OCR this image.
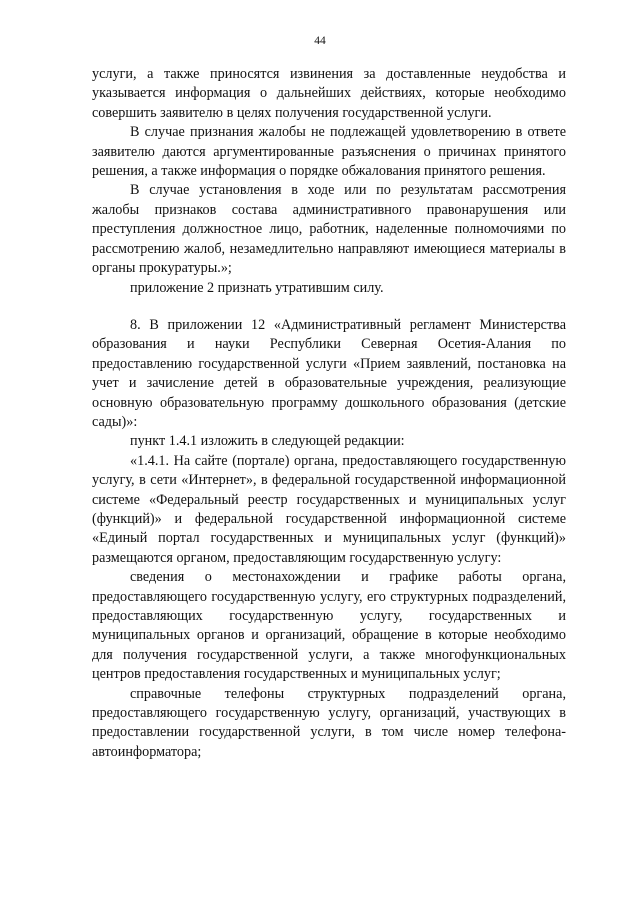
44

услуги, а также приносятся извинения за доставленные неудобства и указывается информация о дальнейших действиях, которые необходимо совершить заявителю в целях получения государственной услуги.

В случае признания жалобы не подлежащей удовлетворению в ответе заявителю даются аргументированные разъяснения о причинах принятого решения, а также информация о порядке обжалования принятого решения.

В случае установления в ходе или по результатам рассмотрения жалобы признаков состава административного правонарушения или преступления должностное лицо, работник, наделенные полномочиями по рассмотрению жалоб, незамедлительно направляют имеющиеся материалы в органы прокуратуры.»;

приложение 2 признать утратившим силу.

8. В приложении 12 «Административный регламент Министерства образования и науки Республики Северная Осетия-Алания по предоставлению государственной услуги «Прием заявлений, постановка на учет и зачисление детей в образовательные учреждения, реализующие основную образовательную программу дошкольного образования (детские сады)»:

пункт 1.4.1 изложить в следующей редакции:

«1.4.1. На сайте (портале) органа, предоставляющего государственную услугу, в сети «Интернет», в федеральной государственной информационной системе «Федеральный реестр государственных и муниципальных услуг (функций)» и федеральной государственной информационной системе «Единый портал государственных и муниципальных услуг (функций)» размещаются органом, предоставляющим государственную услугу:

сведения о местонахождении и графике работы органа, предоставляющего государственную услугу, его структурных подразделений, предоставляющих государственную услугу, государственных и муниципальных органов и организаций, обращение в которые необходимо для получения государственной услуги, а также многофункциональных центров предоставления государственных и муниципальных услуг;

справочные телефоны структурных подразделений органа, предоставляющего государственную услугу, организаций, участвующих в предоставлении государственной услуги, в том числе номер телефона-автоинформатора;
